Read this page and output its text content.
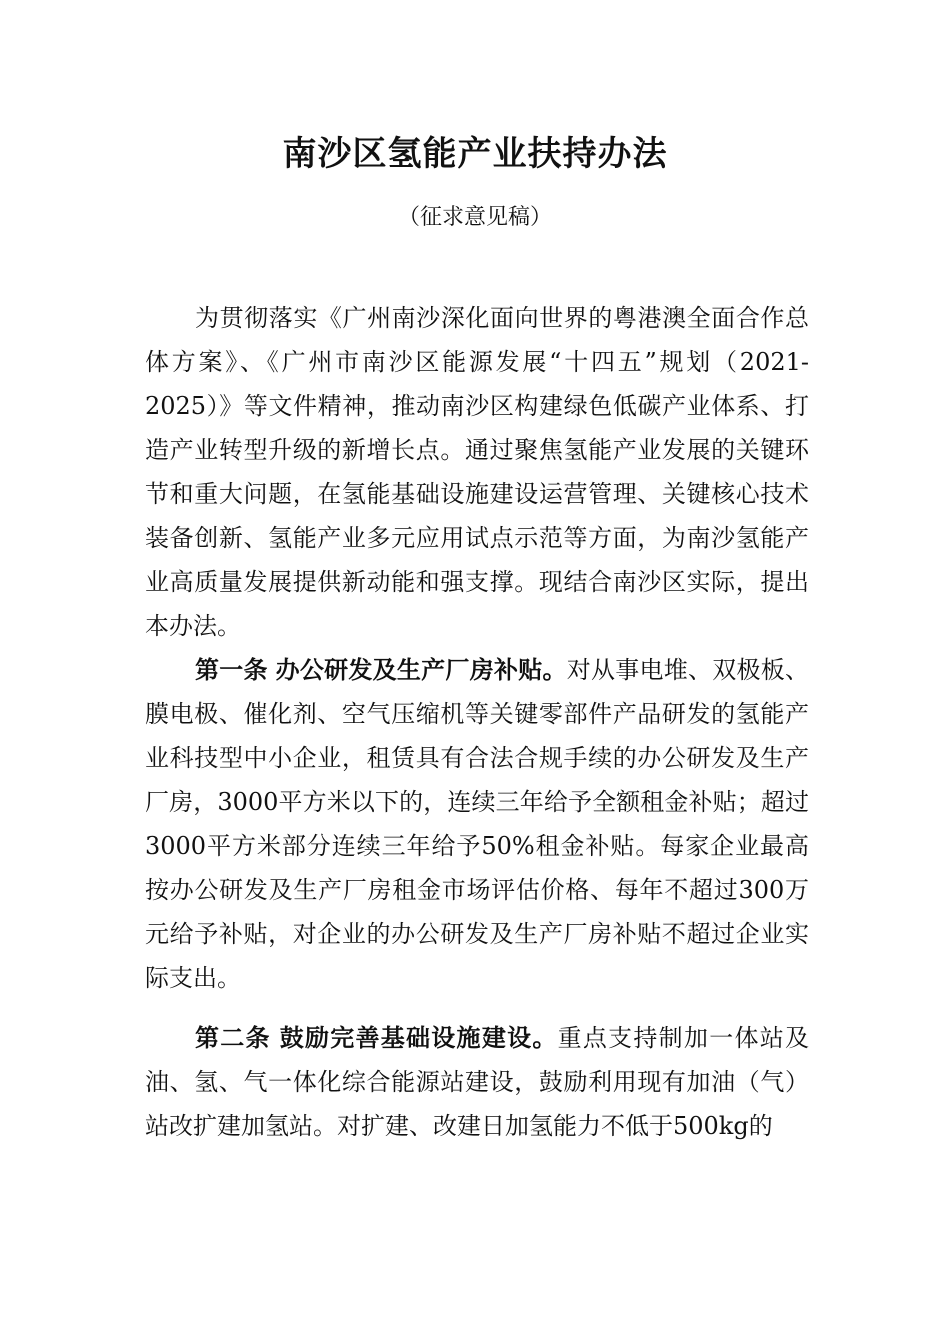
南沙区氢能产业扶持办法
（征求意见稿）

为贯彻落实《广州南沙深化面向世界的粤港澳全面合作总体方案》、《广州市南沙区能源发展“十四五”规划（2021-2025）》等文件精神，推动南沙区构建绿色低碳产业体系、打造产业转型升级的新增长点。通过聚焦氢能产业发展的关键环节和重大问题，在氢能基础设施建设运营管理、关键核心技术装备创新、氢能产业多元应用试点示范等方面，为南沙氢能产业高质量发展提供新动能和强支撑。现结合南沙区实际，提出本办法。

第一条 办公研发及生产厂房补贴。对从事电堆、双极板、膜电极、催化剂、空气压缩机等关键零部件产品研发的氢能产业科技型中小企业，租赁具有合法合规手续的办公研发及生产厂房，3000平方米以下的，连续三年给予全额租金补贴；超过3000平方米部分连续三年给予50%租金补贴。每家企业最高按办公研发及生产厂房租金市场评估价格、每年不超过300万元给予补贴，对企业的办公研发及生产厂房补贴不超过企业实际支出。

第二条 鼓励完善基础设施建设。重点支持制加一体站及油、氢、气一体化综合能源站建设，鼓励利用现有加油（气）站改扩建加氢站。对扩建、改建日加氢能力不低于500kg的
